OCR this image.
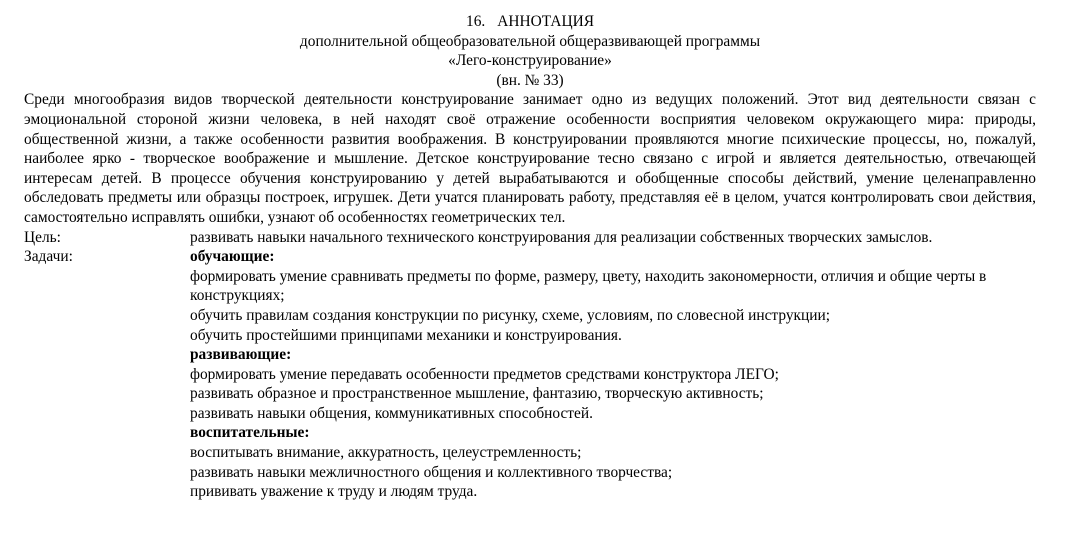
16. АННОТАЦИЯ
дополнительной общеобразовательной общеразвивающей программы
«Лего-конструирование»
(вн. № 33)

Среди многообразия видов творческой деятельности конструирование занимает одно из ведущих положений. Этот вид деятельности связан с эмоциональной стороной жизни человека, в ней находят своё отражение особенности восприятия человеком окружающего мира: природы, общественной жизни, а также особенности развития воображения. В конструировании проявляются многие психические процессы, но, пожалуй, наиболее ярко - творческое воображение и мышление. Детское конструирование тесно связано с игрой и является деятельностью, отвечающей интересам детей. В процессе обучения конструированию у детей вырабатываются и обобщенные способы действий, умение целенаправленно обследовать предметы или образцы построек, игрушек. Дети учатся планировать работу, представляя её в целом, учатся контролировать свои действия, самостоятельно исправлять ошибки, узнают об особенностях геометрических тел.

Цель:	развивать навыки начального технического конструирования для реализации собственных творческих замыслов.
Задачи:	обучающие:
формировать умение сравнивать предметы по форме, размеру, цвету, находить закономерности, отличия и общие черты в конструкциях;
обучить правилам создания конструкции по рисунку, схеме, условиям, по словесной инструкции;
обучить простейшими принципами механики и конструирования.
развивающие:
формировать умение передавать особенности предметов средствами конструктора ЛЕГО;
развивать образное и пространственное мышление, фантазию, творческую активность;
развивать навыки общения, коммуникативных способностей.
воспитательные:
воспитывать внимание, аккуратность, целеустремленность;
развивать навыки межличностного общения и коллективного творчества;
прививать уважение к труду и людям труда.
